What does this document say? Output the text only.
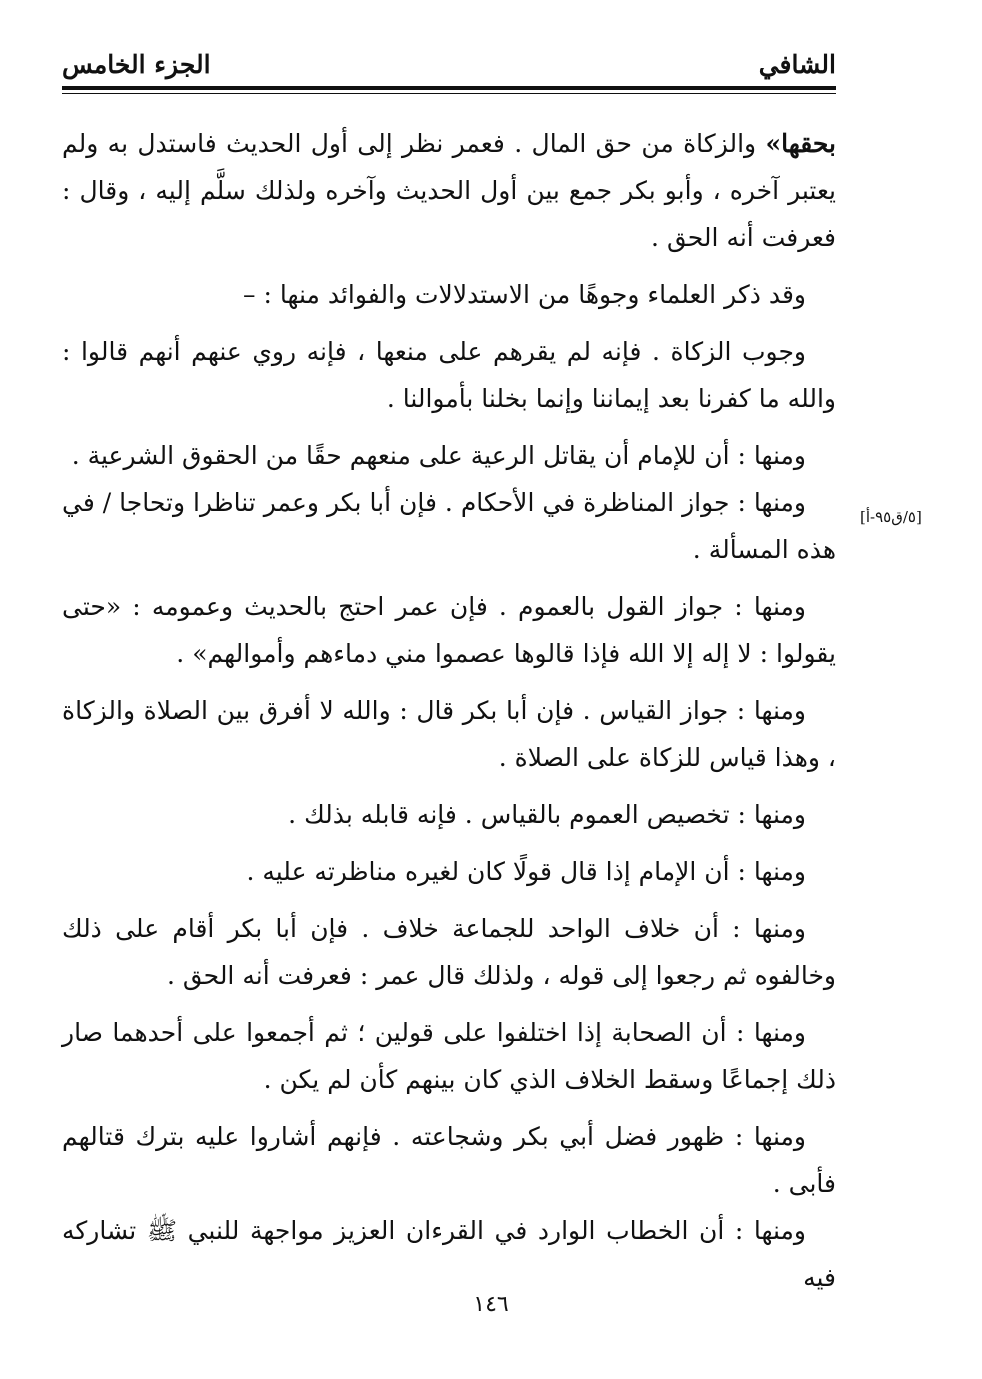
الشافي
الجزء الخامس

بحقها» والزكاة من حق المال . فعمر نظر إلى أول الحديث فاستدل به ولم يعتبر آخره ، وأبو بكر جمع بين أول الحديث وآخره ولذلك سلَّم إليه ، وقال : فعرفت أنه الحق .

وقد ذكر العلماء وجوهًا من الاستدلالات والفوائد منها : –

وجوب الزكاة . فإنه لم يقرهم على منعها ، فإنه روي عنهم أنهم قالوا : والله ما كفرنا بعد إيماننا وإنما بخلنا بأموالنا .

ومنها : أن للإمام أن يقاتل الرعية على منعهم حقًا من الحقوق الشرعية .

ومنها : جواز المناظرة في الأحكام . فإن أبا بكر وعمر تناظرا وتحاجا / في هذه المسألة .

ومنها : جواز القول بالعموم . فإن عمر احتج بالحديث وعمومه : «حتى يقولوا : لا إله إلا الله فإذا قالوها عصموا مني دماءهم وأموالهم» .

ومنها : جواز القياس . فإن أبا بكر قال : والله لا أفرق بين الصلاة والزكاة ، وهذا قياس للزكاة على الصلاة .

ومنها : تخصيص العموم بالقياس . فإنه قابله بذلك .

ومنها : أن الإمام إذا قال قولًا كان لغيره مناظرته عليه .

ومنها : أن خلاف الواحد للجماعة خلاف . فإن أبا بكر أقام على ذلك وخالفوه ثم رجعوا إلى قوله ، ولذلك قال عمر : فعرفت أنه الحق .

ومنها : أن الصحابة إذا اختلفوا على قولين ؛ ثم أجمعوا على أحدهما صار ذلك إجماعًا وسقط الخلاف الذي كان بينهم كأن لم يكن .

ومنها : ظهور فضل أبي بكر وشجاعته . فإنهم أشاروا عليه بترك قتالهم فأبى .

ومنها : أن الخطاب الوارد في القرءان العزيز مواجهة للنبي ﷺ تشاركه فيه

[٥/ق٩٥-أ]
١٤٦
